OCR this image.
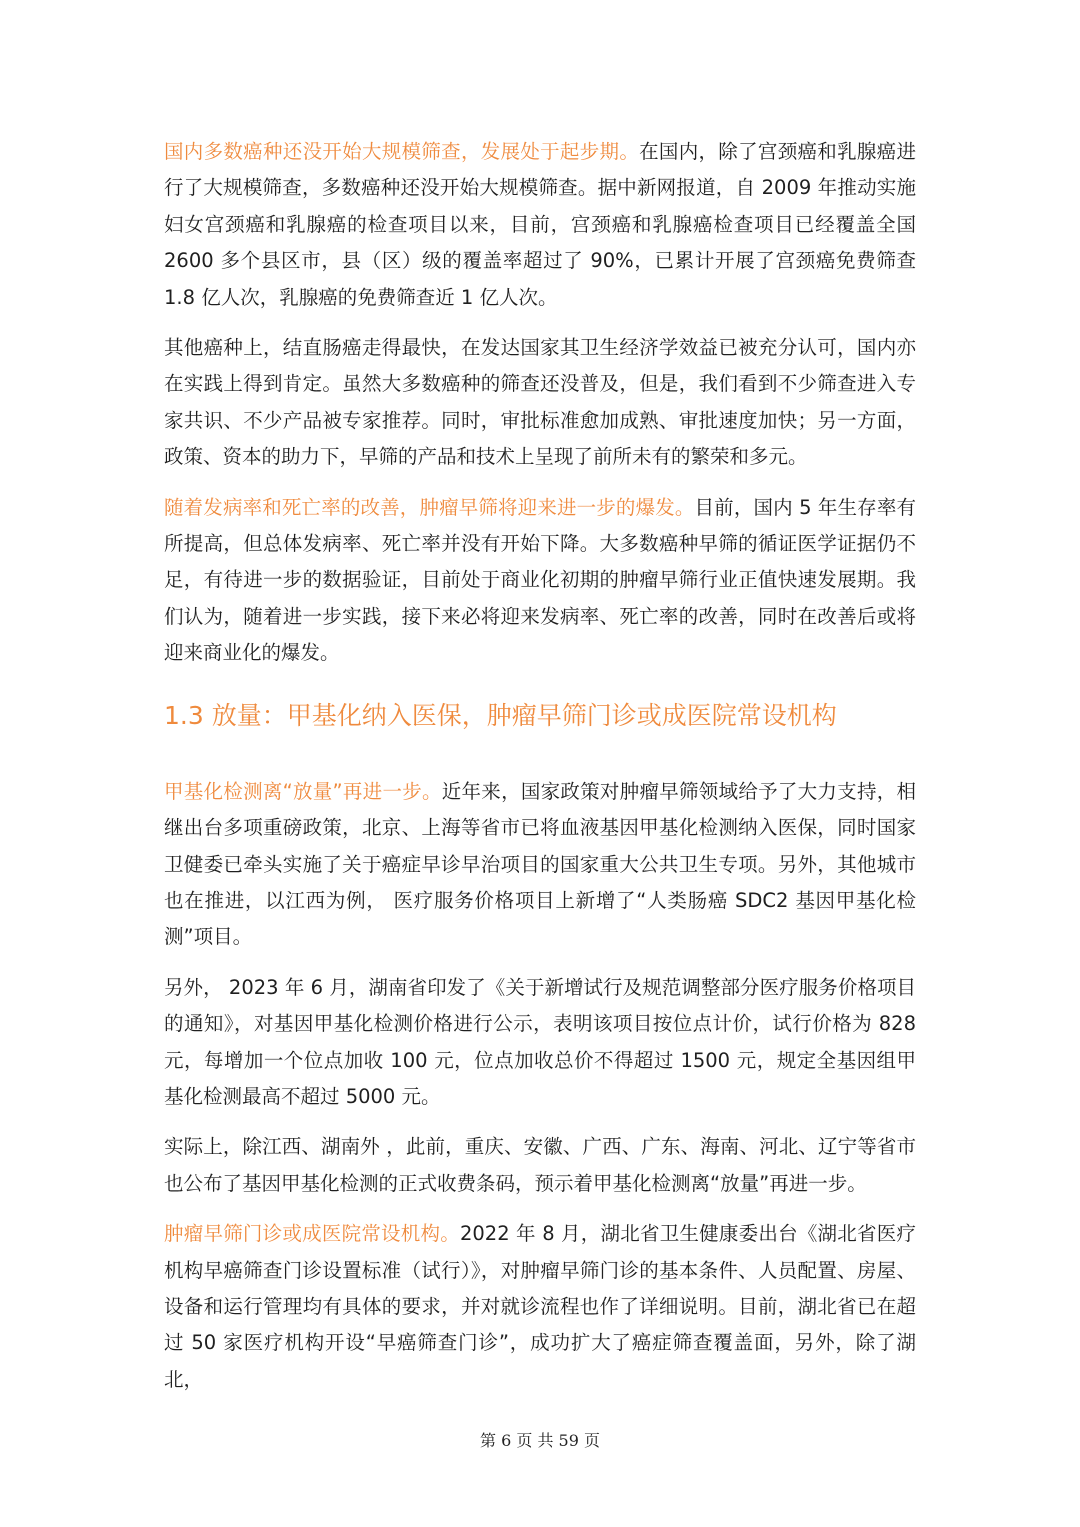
国内多数癌种还没开始大规模筛查，发展处于起步期。在国内，除了宫颈癌和乳腺癌进行了大规模筛查，多数癌种还没开始大规模筛查。据中新网报道，自 2009 年推动实施妇女宫颈癌和乳腺癌的检查项目以来，目前，宫颈癌和乳腺癌检查项目已经覆盖全国 2600 多个县区市，县（区）级的覆盖率超过了 90%，已累计开展了宫颈癌免费筛查 1.8 亿人次，乳腺癌的免费筛查近 1 亿人次。

其他癌种上，结直肠癌走得最快，在发达国家其卫生经济学效益已被充分认可，国内亦在实践上得到肯定。虽然大多数癌种的筛查还没普及，但是，我们看到不少筛查进入专家共识、不少产品被专家推荐。同时，审批标准愈加成熟、审批速度加快；另一方面，政策、资本的助力下，早筛的产品和技术上呈现了前所未有的繁荣和多元。

随着发病率和死亡率的改善，肿瘤早筛将迎来进一步的爆发。目前，国内 5 年生存率有所提高，但总体发病率、死亡率并没有开始下降。大多数癌种早筛的循证医学证据仍不足，有待进一步的数据验证，目前处于商业化初期的肿瘤早筛行业正值快速发展期。我们认为，随着进一步实践，接下来必将迎来发病率、死亡率的改善，同时在改善后或将迎来商业化的爆发。

1.3 放量：甲基化纳入医保，肿瘤早筛门诊或成医院常设机构

甲基化检测离“放量”再进一步。近年来，国家政策对肿瘤早筛领域给予了大力支持，相继出台多项重磅政策，北京、上海等省市已将血液基因甲基化检测纳入医保，同时国家卫健委已牵头实施了关于癌症早诊早治项目的国家重大公共卫生专项。另外，其他城市也在推进，以江西为例， 医疗服务价格项目上新增了“人类肠癌 SDC2 基因甲基化检测”项目。

另外， 2023 年 6 月，湖南省印发了《关于新增试行及规范调整部分医疗服务价格项目的通知》，对基因甲基化检测价格进行公示，表明该项目按位点计价，试行价格为 828 元，每增加一个位点加收 100 元，位点加收总价不得超过 1500 元，规定全基因组甲基化检测最高不超过 5000 元。

实际上，除江西、湖南外 ，此前，重庆、安徽、广西、广东、海南、河北、辽宁等省市也公布了基因甲基化检测的正式收费条码，预示着甲基化检测离“放量”再进一步。

肿瘤早筛门诊或成医院常设机构。2022 年 8 月，湖北省卫生健康委出台《湖北省医疗机构早癌筛查门诊设置标准（试行）》，对肿瘤早筛门诊的基本条件、人员配置、房屋、设备和运行管理均有具体的要求，并对就诊流程也作了详细说明。目前，湖北省已在超过 50 家医疗机构开设“早癌筛查门诊”，成功扩大了癌症筛查覆盖面，另外，除了湖北，

第 6 页 共 59 页
